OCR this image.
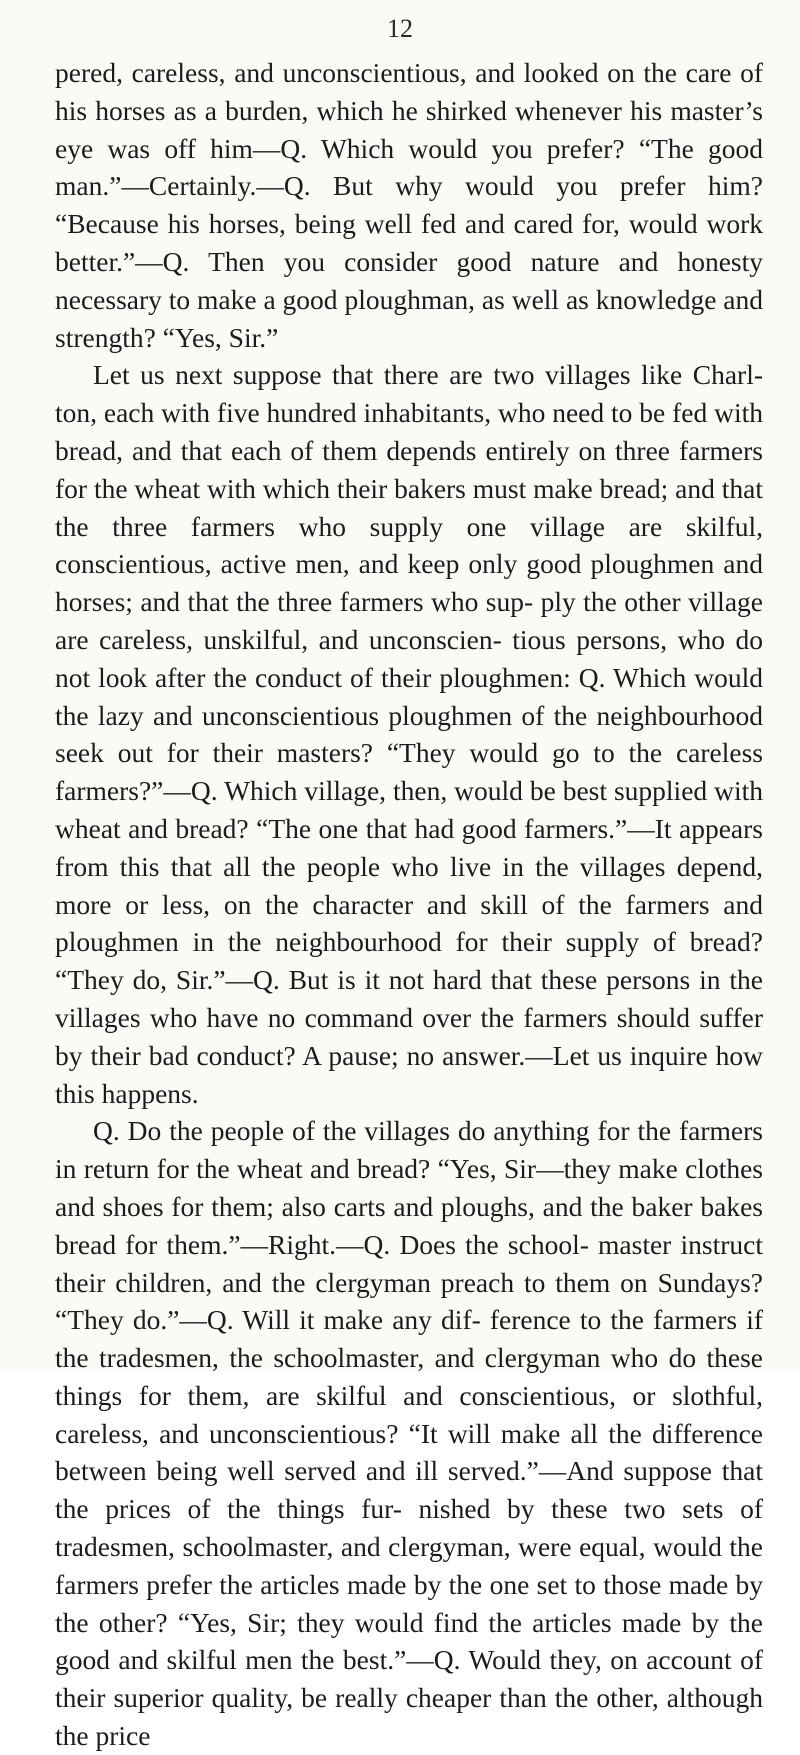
12

pered, careless, and unconscientious, and looked on the care of his horses as a burden, which he shirked whenever his master’s eye was off him—Q. Which would you prefer? “The good man.”—Certainly.—Q. But why would you prefer him? “Because his horses, being well fed and cared for, would work better.”—Q. Then you consider good nature and honesty necessary to make a good ploughman, as well as knowledge and strength? “Yes, Sir.”

Let us next suppose that there are two villages like Charl- ton, each with five hundred inhabitants, who need to be fed with bread, and that each of them depends entirely on three farmers for the wheat with which their bakers must make bread; and that the three farmers who supply one village are skilful, conscientious, active men, and keep only good ploughmen and horses; and that the three farmers who sup- ply the other village are careless, unskilful, and unconscien- tious persons, who do not look after the conduct of their ploughmen: Q. Which would the lazy and unconscientious ploughmen of the neighbourhood seek out for their masters? “They would go to the careless farmers?”—Q. Which village, then, would be best supplied with wheat and bread? “The one that had good farmers.”—It appears from this that all the people who live in the villages depend, more or less, on the character and skill of the farmers and ploughmen in the neighbourhood for their supply of bread? “They do, Sir.”—Q. But is it not hard that these persons in the villages who have no command over the farmers should suffer by their bad conduct? A pause; no answer.—Let us inquire how this happens.

Q. Do the people of the villages do anything for the farmers in return for the wheat and bread? “Yes, Sir—they make clothes and shoes for them; also carts and ploughs, and the baker bakes bread for them.”—Right.—Q. Does the school- master instruct their children, and the clergyman preach to them on Sundays? “They do.”—Q. Will it make any dif- ference to the farmers if the tradesmen, the schoolmaster, and clergyman who do these things for them, are skilful and conscientious, or slothful, careless, and unconscientious? “It will make all the difference between being well served and ill served.”—And suppose that the prices of the things fur- nished by these two sets of tradesmen, schoolmaster, and clergyman, were equal, would the farmers prefer the articles made by the one set to those made by the other? “Yes, Sir; they would find the articles made by the good and skilful men the best.”—Q. Would they, on account of their superior quality, be really cheaper than the other, although the price
